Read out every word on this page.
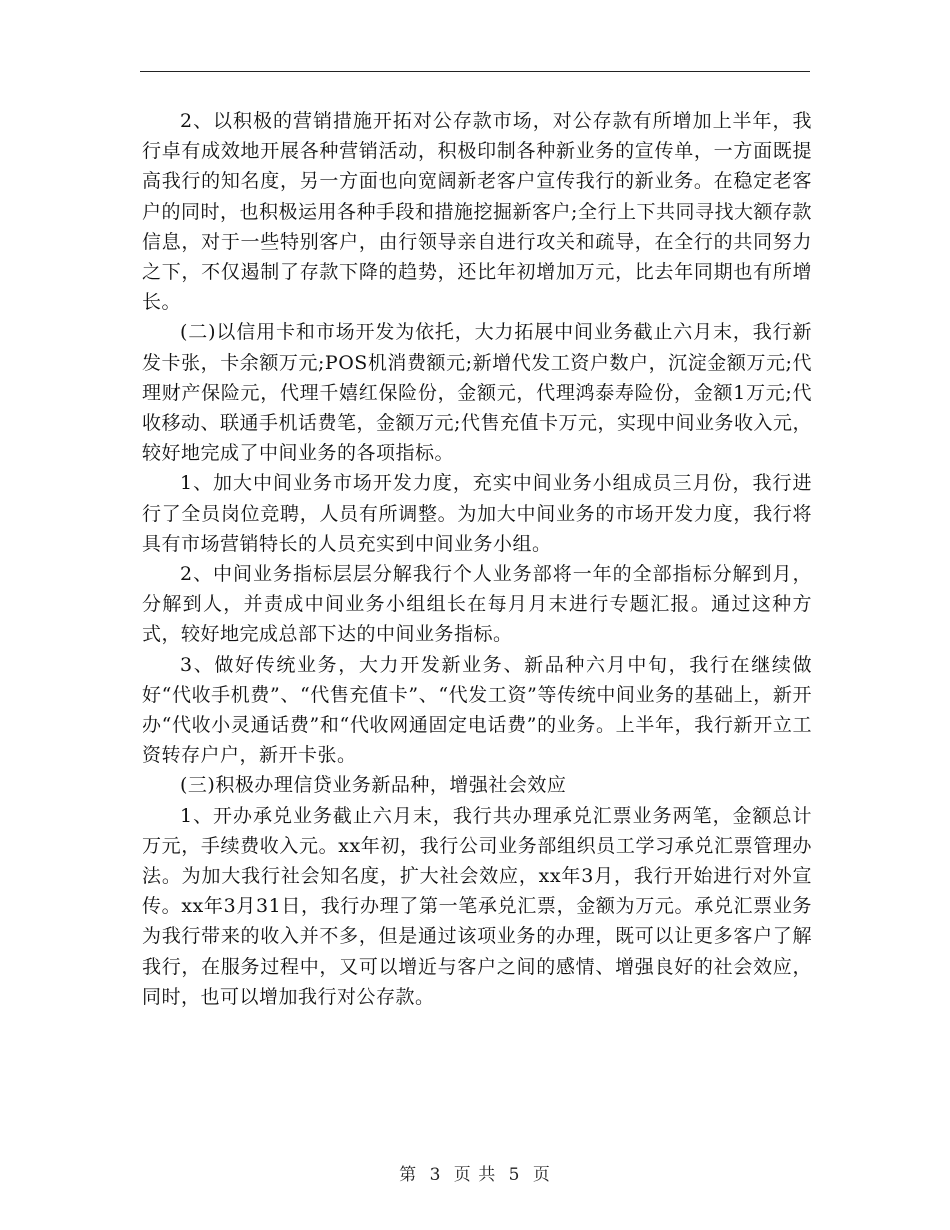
2、以积极的营销措施开拓对公存款市场，对公存款有所增加上半年，我行卓有成效地开展各种营销活动，积极印制各种新业务的宣传单，一方面既提高我行的知名度，另一方面也向宽阔新老客户宣传我行的新业务。在稳定老客户的同时，也积极运用各种手段和措施挖掘新客户;全行上下共同寻找大额存款信息，对于一些特别客户，由行领导亲自进行攻关和疏导，在全行的共同努力之下，不仅遏制了存款下降的趋势，还比年初增加万元，比去年同期也有所增长。

(二)以信用卡和市场开发为依托，大力拓展中间业务截止六月末，我行新发卡张，卡余额万元;POS机消费额元;新增代发工资户数户，沉淀金额万元;代理财产保险元，代理千嬉红保险份，金额元，代理鸿泰寿险份，金额1万元;代收移动、联通手机话费笔，金额万元;代售充值卡万元，实现中间业务收入元，较好地完成了中间业务的各项指标。

1、加大中间业务市场开发力度，充实中间业务小组成员三月份，我行进行了全员岗位竞聘，人员有所调整。为加大中间业务的市场开发力度，我行将具有市场营销特长的人员充实到中间业务小组。

2、中间业务指标层层分解我行个人业务部将一年的全部指标分解到月，分解到人，并责成中间业务小组组长在每月月末进行专题汇报。通过这种方式，较好地完成总部下达的中间业务指标。

3、做好传统业务，大力开发新业务、新品种六月中旬，我行在继续做好“代收手机费”、“代售充值卡”、“代发工资”等传统中间业务的基础上，新开办“代收小灵通话费”和“代收网通固定电话费”的业务。上半年，我行新开立工资转存户户，新开卡张。

(三)积极办理信贷业务新品种，增强社会效应

1、开办承兑业务截止六月末，我行共办理承兑汇票业务两笔，金额总计万元，手续费收入元。xx年初，我行公司业务部组织员工学习承兑汇票管理办法。为加大我行社会知名度，扩大社会效应，xx年3月，我行开始进行对外宣传。xx年3月31日，我行办理了第一笔承兑汇票，金额为万元。承兑汇票业务为我行带来的收入并不多，但是通过该项业务的办理，既可以让更多客户了解我行，在服务过程中，又可以增近与客户之间的感情、增强良好的社会效应，同时，也可以增加我行对公存款。

第 3 页 共 5 页
